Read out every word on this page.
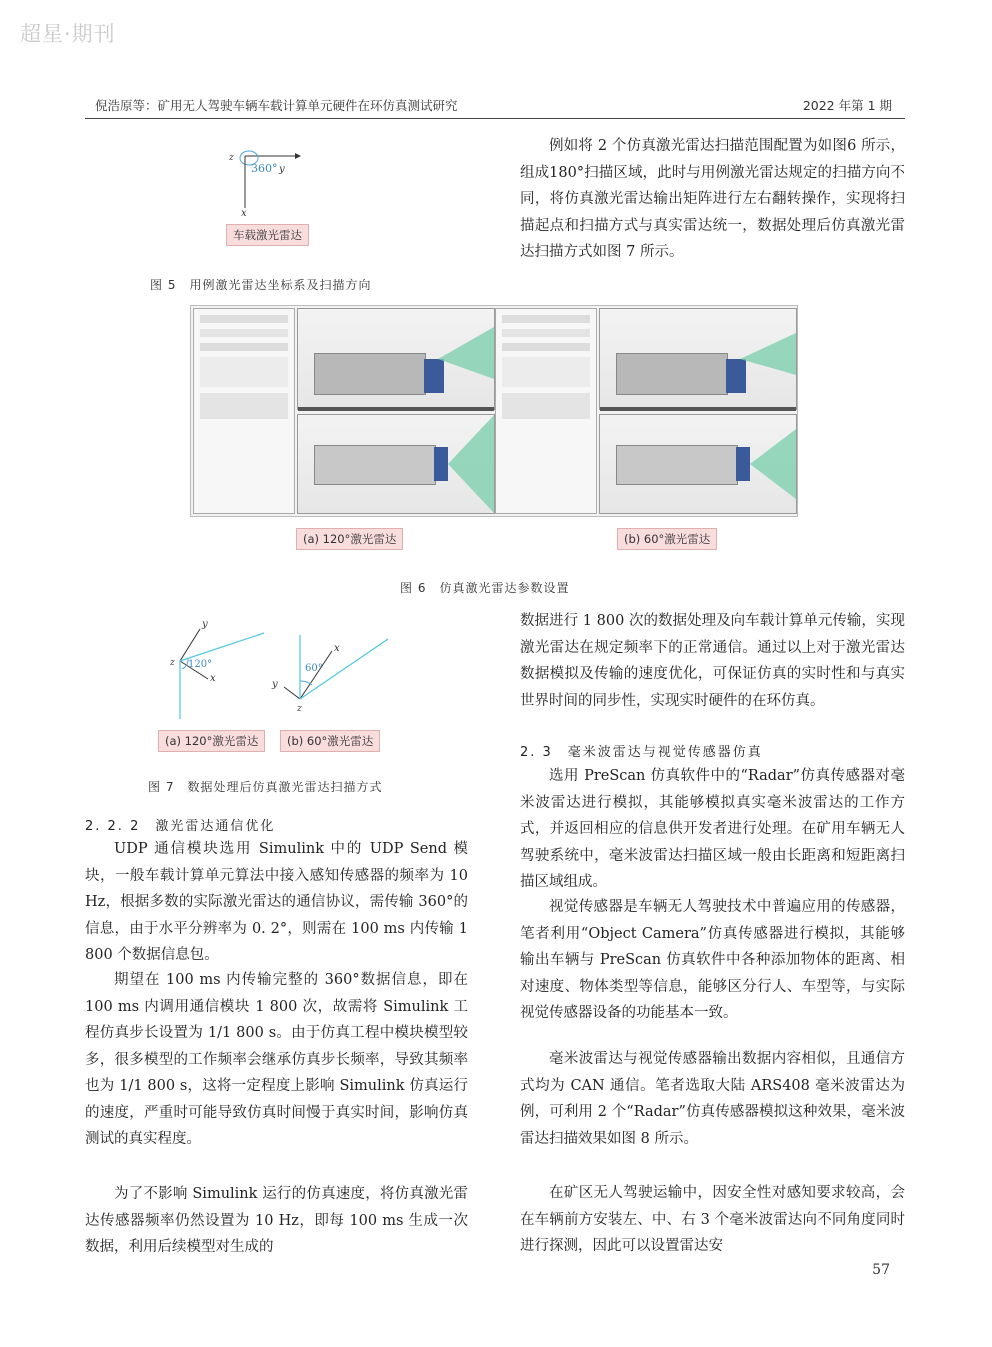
超星·期刊
倪浩原等：矿用无人驾驶车辆车载计算单元硬件在环仿真测试研究	2022 年第 1 期
z
360° y
x
车载激光雷达
图 5　用例激光雷达坐标系及扫描方向

例如将 2 个仿真激光雷达扫描范围配置为如图6 所示，组成180°扫描区域，此时与用例激光雷达规定的扫描方向不同，将仿真激光雷达输出矩阵进行左右翻转操作，实现将扫描起点和扫描方式与真实雷达统一，数据处理后仿真激光雷达扫描方式如图 7 所示。

(a) 120°激光雷达	(b) 60°激光雷达
图 6　仿真激光雷达参数设置
y
x
z 120°
x
y
z
60°
(a) 120°激光雷达	(b) 60°激光雷达
图 7　数据处理后仿真激光雷达扫描方式
2. 2. 2　激光雷达通信优化

UDP 通信模块选用 Simulink 中的 UDP Send 模块，一般车载计算单元算法中接入感知传感器的频率为 10 Hz，根据多数的实际激光雷达的通信协议，需传输 360°的信息，由于水平分辨率为 0. 2°，则需在 100 ms 内传输 1 800 个数据信息包。

期望在 100 ms 内传输完整的 360°数据信息，即在 100 ms 内调用通信模块 1 800 次，故需将 Simulink 工程仿真步长设置为 1/1 800 s。由于仿真工程中模块模型较多，很多模型的工作频率会继承仿真步长频率，导致其频率也为 1/1 800 s，这将一定程度上影响 Simulink 仿真运行的速度，严重时可能导致仿真时间慢于真实时间，影响仿真测试的真实程度。

为了不影响 Simulink 运行的仿真速度，将仿真激光雷达传感器频率仍然设置为 10 Hz，即每 100 ms 生成一次数据，利用后续模型对生成的

数据进行 1 800 次的数据处理及向车载计算单元传输，实现激光雷达在规定频率下的正常通信。通过以上对于激光雷达数据模拟及传输的速度优化，可保证仿真的实时性和与真实世界时间的同步性，实现实时硬件的在环仿真。

2. 3　毫米波雷达与视觉传感器仿真

选用 PreScan 仿真软件中的“Radar”仿真传感器对毫米波雷达进行模拟，其能够模拟真实毫米波雷达的工作方式，并返回相应的信息供开发者进行处理。在矿用车辆无人驾驶系统中，毫米波雷达扫描区域一般由长距离和短距离扫描区域组成。

视觉传感器是车辆无人驾驶技术中普遍应用的传感器，笔者利用“Object Camera”仿真传感器进行模拟，其能够输出车辆与 PreScan 仿真软件中各种添加物体的距离、相对速度、物体类型等信息，能够区分行人、车型等，与实际视觉传感器设备的功能基本一致。

毫米波雷达与视觉传感器输出数据内容相似，且通信方式均为 CAN 通信。笔者选取大陆 ARS408 毫米波雷达为例，可利用 2 个“Radar”仿真传感器模拟这种效果，毫米波雷达扫描效果如图 8 所示。

在矿区无人驾驶运输中，因安全性对感知要求较高，会在车辆前方安装左、中、右 3 个毫米波雷达向不同角度同时进行探测，因此可以设置雷达安

57
